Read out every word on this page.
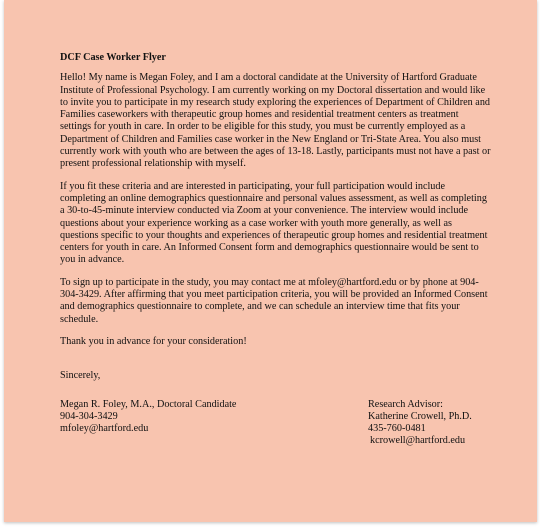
DCF Case Worker Flyer

Hello! My name is Megan Foley, and I am a doctoral candidate at the University of Hartford Graduate Institute of Professional Psychology. I am currently working on my Doctoral dissertation and would like to invite you to participate in my research study exploring the experiences of Department of Children and Families caseworkers with therapeutic group homes and residential treatment centers as treatment settings for youth in care. In order to be eligible for this study, you must be currently employed as a Department of Children and Families case worker in the New England or Tri-State Area. You also must currently work with youth who are between the ages of 13-18. Lastly, participants must not have a past or present professional relationship with myself.

If you fit these criteria and are interested in participating, your full participation would include completing an online demographics questionnaire and personal values assessment, as well as completing a 30-to-45-minute interview conducted via Zoom at your convenience. The interview would include questions about your experience working as a case worker with youth more generally, as well as questions specific to your thoughts and experiences of therapeutic group homes and residential treatment centers for youth in care. An Informed Consent form and demographics questionnaire would be sent to you in advance.

To sign up to participate in the study, you may contact me at mfoley@hartford.edu or by phone at 904-304-3429. After affirming that you meet participation criteria, you will be provided an Informed Consent and demographics questionnaire to complete, and we can schedule an interview time that fits your schedule.

Thank you in advance for your consideration!

Sincerely,
Megan R. Foley, M.A., Doctoral Candidate
904-304-3429
mfoley@hartford.edu
Research Advisor:
Katherine Crowell, Ph.D.
435-760-0481
kcrowell@hartford.edu
